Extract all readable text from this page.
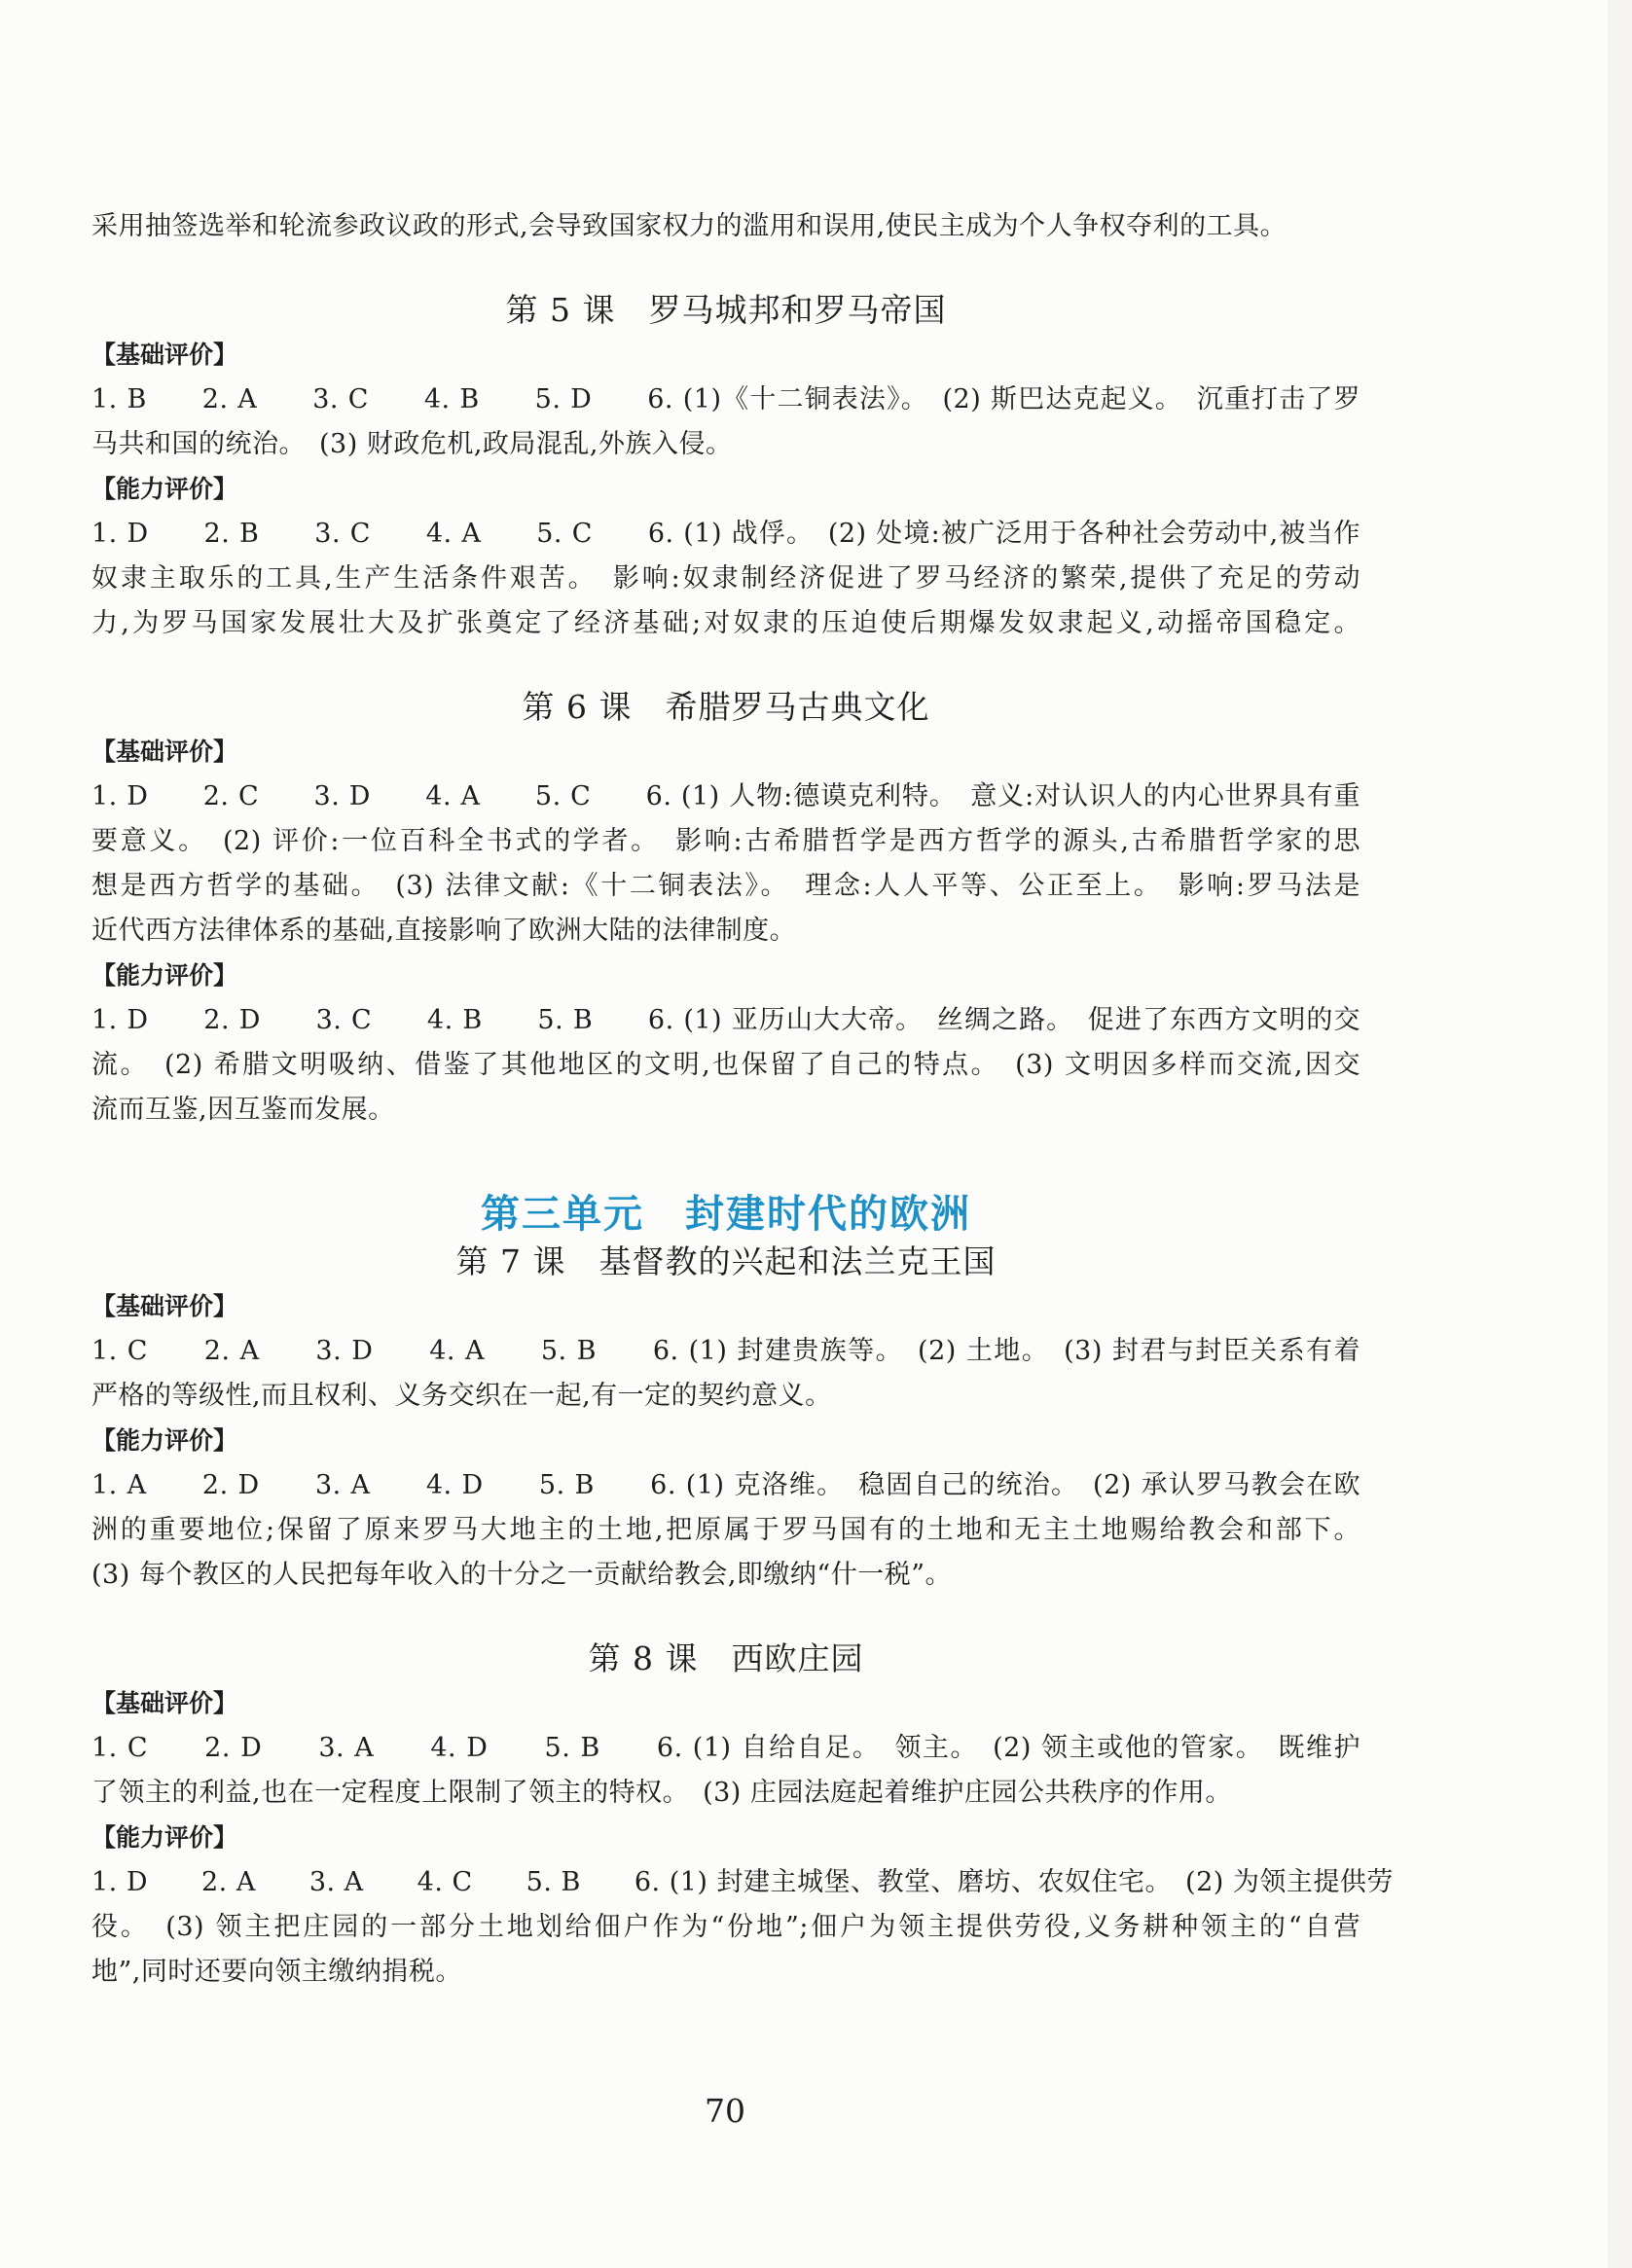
采用抽签选举和轮流参政议政的形式,会导致国家权力的滥用和误用,使民主成为个人争权夺利的工具。
第 5 课　罗马城邦和罗马帝国
【基础评价】
1. B　　2. A　　3. C　　4. B　　5. D　　6. (1)《十二铜表法》。　(2) 斯巴达克起义。　沉重打击了罗
马共和国的统治。　(3) 财政危机,政局混乱,外族入侵。
【能力评价】
1. D　　2. B　　3. C　　4. A　　5. C　　6. (1) 战俘。　(2) 处境:被广泛用于各种社会劳动中,被当作
奴隶主取乐的工具,生产生活条件艰苦。　影响:奴隶制经济促进了罗马经济的繁荣,提供了充足的劳动
力,为罗马国家发展壮大及扩张奠定了经济基础;对奴隶的压迫使后期爆发奴隶起义,动摇帝国稳定。
第 6 课　希腊罗马古典文化
【基础评价】
1. D　　2. C　　3. D　　4. A　　5. C　　6. (1) 人物:德谟克利特。　意义:对认识人的内心世界具有重
要意义。　(2) 评价:一位百科全书式的学者。　影响:古希腊哲学是西方哲学的源头,古希腊哲学家的思
想是西方哲学的基础。　(3) 法律文献:《十二铜表法》。　理念:人人平等、公正至上。　影响:罗马法是
近代西方法律体系的基础,直接影响了欧洲大陆的法律制度。
【能力评价】
1. D　　2. D　　3. C　　4. B　　5. B　　6. (1) 亚历山大大帝。　丝绸之路。　促进了东西方文明的交
流。　(2) 希腊文明吸纳、借鉴了其他地区的文明,也保留了自己的特点。　(3) 文明因多样而交流,因交
流而互鉴,因互鉴而发展。
第三单元　封建时代的欧洲
第 7 课　基督教的兴起和法兰克王国
【基础评价】
1. C　　2. A　　3. D　　4. A　　5. B　　6. (1) 封建贵族等。　(2) 土地。　(3) 封君与封臣关系有着
严格的等级性,而且权利、义务交织在一起,有一定的契约意义。
【能力评价】
1. A　　2. D　　3. A　　4. D　　5. B　　6. (1) 克洛维。　稳固自己的统治。　(2) 承认罗马教会在欧
洲的重要地位;保留了原来罗马大地主的土地,把原属于罗马国有的土地和无主土地赐给教会和部下。
(3) 每个教区的人民把每年收入的十分之一贡献给教会,即缴纳“什一税”。
第 8 课　西欧庄园
【基础评价】
1. C　　2. D　　3. A　　4. D　　5. B　　6. (1) 自给自足。　领主。　(2) 领主或他的管家。　既维护
了领主的利益,也在一定程度上限制了领主的特权。　(3) 庄园法庭起着维护庄园公共秩序的作用。
【能力评价】
1. D　　2. A　　3. A　　4. C　　5. B　　6. (1) 封建主城堡、教堂、磨坊、农奴住宅。　(2) 为领主提供劳
役。　(3) 领主把庄园的一部分土地划给佃户作为“份地”;佃户为领主提供劳役,义务耕种领主的“自营
地”,同时还要向领主缴纳捐税。
70
